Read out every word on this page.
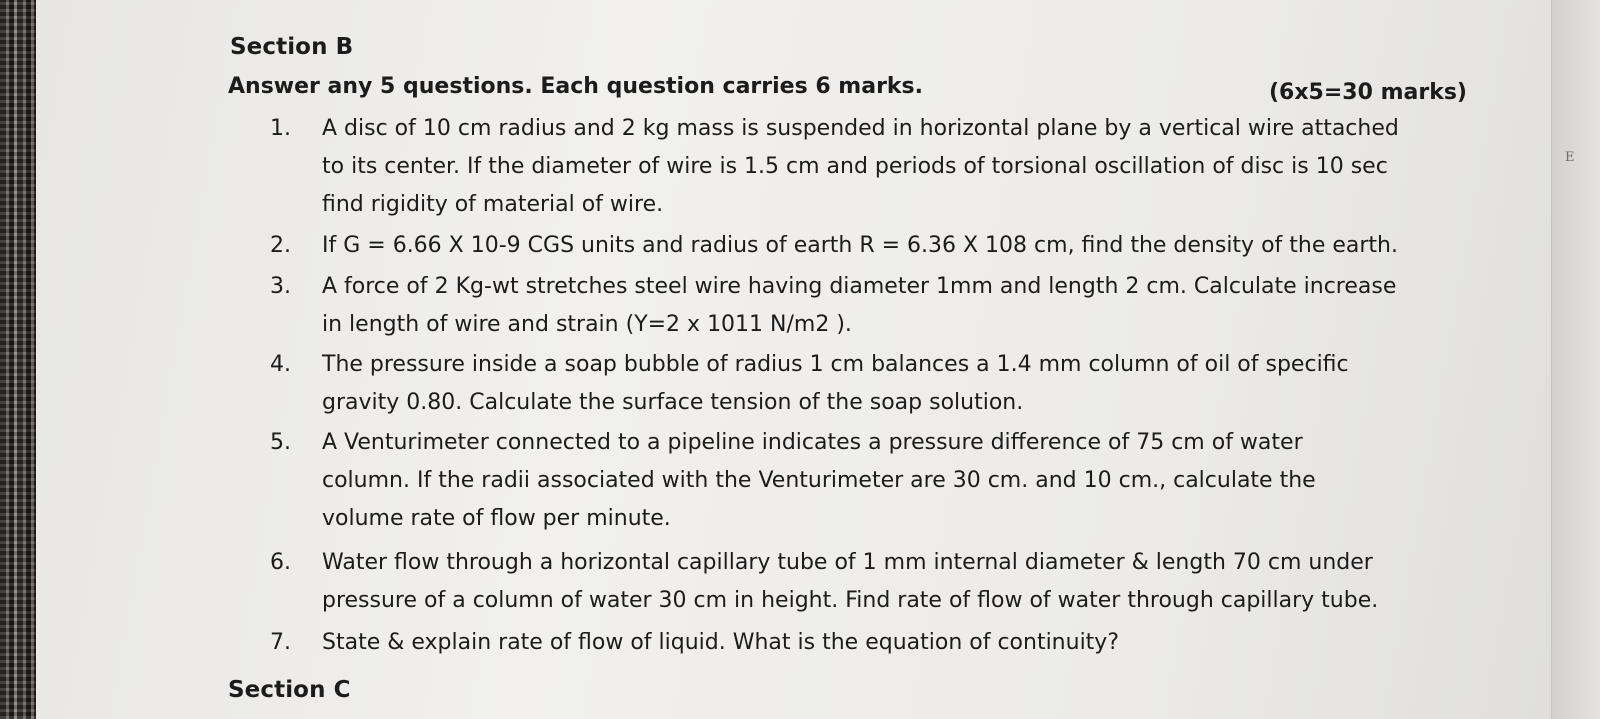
E
Section B
Answer any 5 questions. Each question carries 6 marks.	(6x5=30 marks)
1. A disc of 10 cm radius and 2 kg mass is suspended in horizontal plane by a vertical wire attached
to its center. If the diameter of wire is 1.5 cm and periods of torsional oscillation of disc is 10 sec
find rigidity of material of wire.
2. If G = 6.66 X 10-9 CGS units and radius of earth R = 6.36 X 108 cm, find the density of the earth.
3. A force of 2 Kg-wt stretches steel wire having diameter 1mm and length 2 cm. Calculate increase
in length of wire and strain (Y=2 x 1011 N/m2 ).
4. The pressure inside a soap bubble of radius 1 cm balances a 1.4 mm column of oil of specific
gravity 0.80. Calculate the surface tension of the soap solution.
5. A Venturimeter connected to a pipeline indicates a pressure difference of 75 cm of water
column. If the radii associated with the Venturimeter are 30 cm. and 10 cm., calculate the
volume rate of flow per minute.
6. Water flow through a horizontal capillary tube of 1 mm internal diameter & length 70 cm under
pressure of a column of water 30 cm in height. Find rate of flow of water through capillary tube.
7. State & explain rate of flow of liquid. What is the equation of continuity?
Section C
